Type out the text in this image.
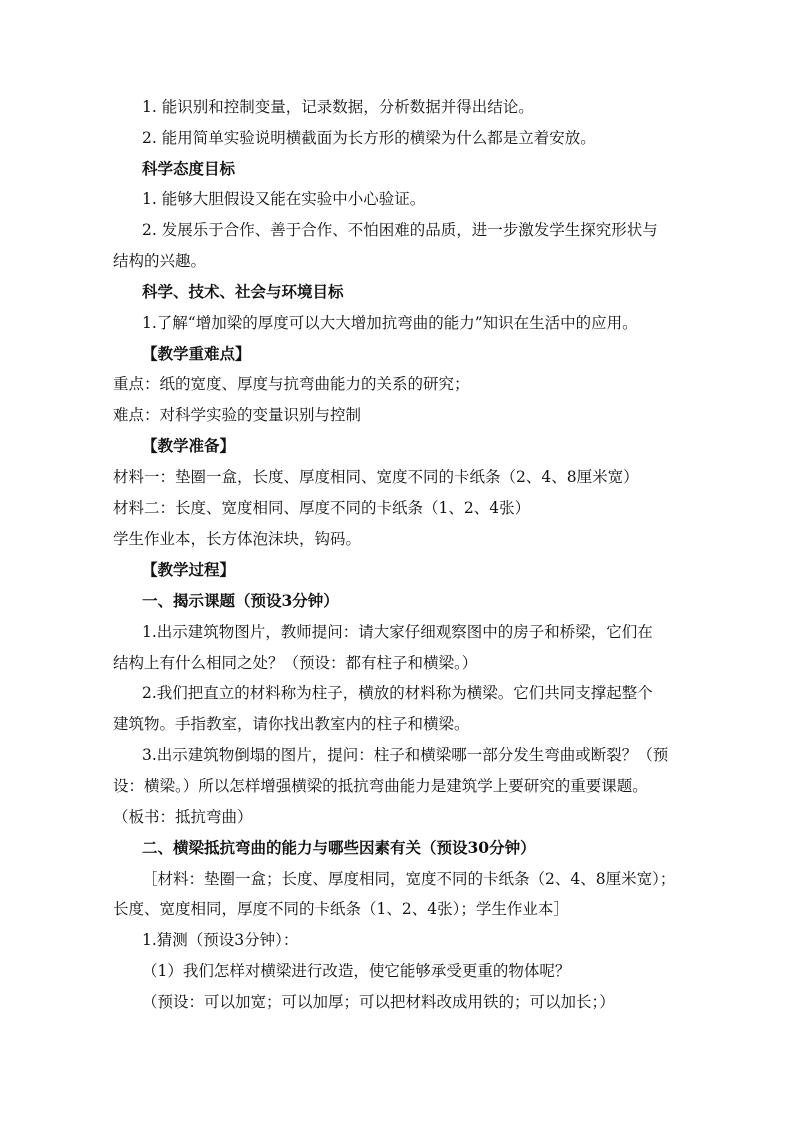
1. 能识别和控制变量，记录数据，分析数据并得出结论。
2. 能用简单实验说明横截面为长方形的横梁为什么都是立着安放。
科学态度目标
1. 能够大胆假设又能在实验中小心验证。
2. 发展乐于合作、善于合作、不怕困难的品质，进一步激发学生探究形状与
结构的兴趣。
科学、技术、社会与环境目标
1.了解“增加梁的厚度可以大大增加抗弯曲的能力”知识在生活中的应用。
【教学重难点】
重点：纸的宽度、厚度与抗弯曲能力的关系的研究；
难点：对科学实验的变量识别与控制
【教学准备】
材料一：垫圈一盒，长度、厚度相同、宽度不同的卡纸条（2、4、8厘米宽）
材料二：长度、宽度相同、厚度不同的卡纸条（1、2、4张）
学生作业本，长方体泡沫块，钩码。
【教学过程】
一、揭示课题（预设3分钟）
1.出示建筑物图片，教师提问：请大家仔细观察图中的房子和桥梁，它们在
结构上有什么相同之处？（预设：都有柱子和横梁。）
2.我们把直立的材料称为柱子，横放的材料称为横梁。它们共同支撑起整个
建筑物。手指教室，请你找出教室内的柱子和横梁。
3.出示建筑物倒塌的图片，提问：柱子和横梁哪一部分发生弯曲或断裂？（预
设：横梁。）所以怎样增强横梁的抵抗弯曲能力是建筑学上要研究的重要课题。
（板书：抵抗弯曲）
二、横梁抵抗弯曲的能力与哪些因素有关（预设30分钟）
［材料：垫圈一盒；长度、厚度相同，宽度不同的卡纸条（2、4、8厘米宽）；
长度、宽度相同，厚度不同的卡纸条（1、2、4张）；学生作业本］
1.猜测（预设3分钟）：
（1）我们怎样对横梁进行改造，使它能够承受更重的物体呢？
（预设：可以加宽；可以加厚；可以把材料改成用铁的；可以加长；）
